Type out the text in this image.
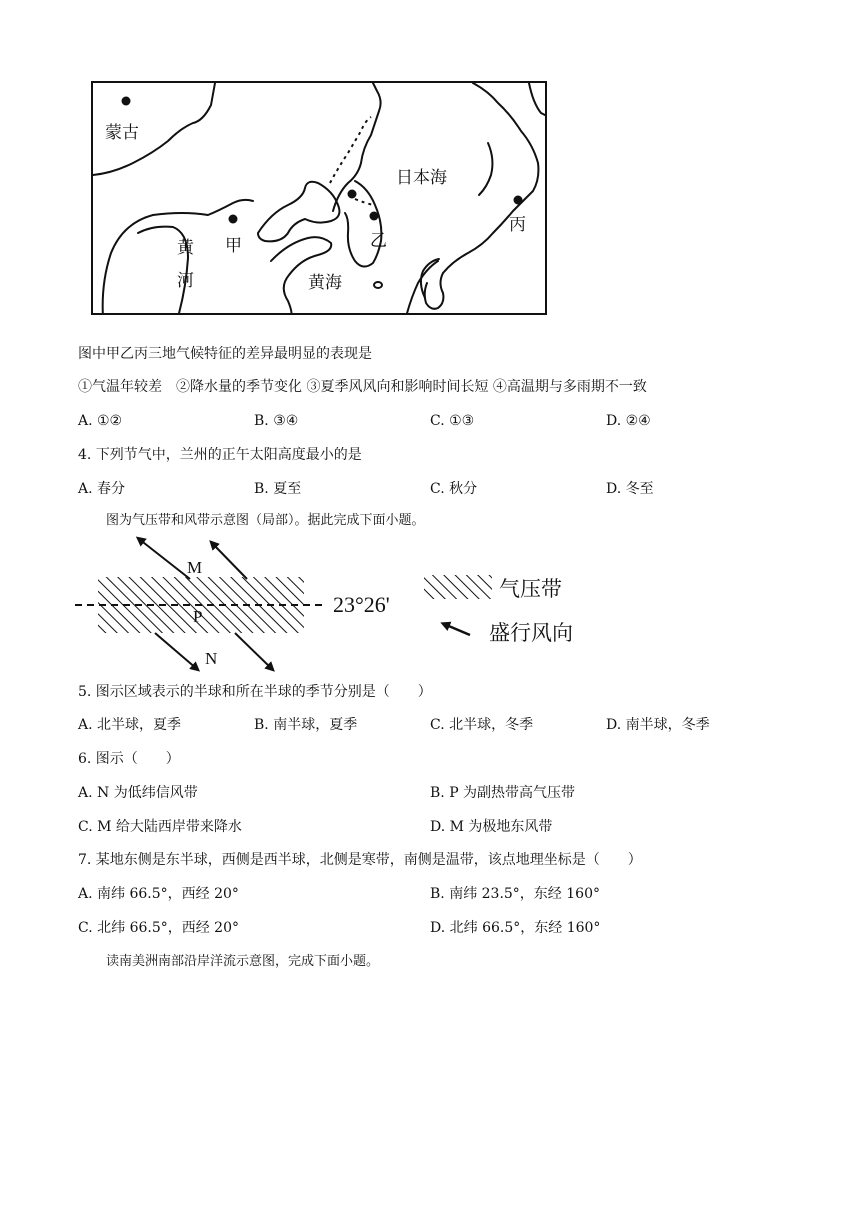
蒙古
日本海
甲	乙
丙
黄
河	黄海
图中甲乙丙三地气候特征的差异最明显的表现是
①气温年较差　②降水量的季节变化 ③夏季风风向和影响时间长短 ④高温期与多雨期不一致
A. ①②	B. ③④	C. ①③	D. ②④
4. 下列节气中，兰州的正午太阳高度最小的是
A. 春分	B. 夏至	C. 秋分	D. 冬至
图为气压带和风带示意图（局部）。据此完成下面小题。
M
P
N
23°26'
气压带
盛行风向
5. 图示区域表示的半球和所在半球的季节分别是（　　）
A. 北半球，夏季	B. 南半球，夏季	C. 北半球，冬季	D. 南半球，冬季
6. 图示（　　）
A. N 为低纬信风带	B. P 为副热带高气压带
C. M 给大陆西岸带来降水	D. M 为极地东风带
7. 某地东侧是东半球，西侧是西半球，北侧是寒带，南侧是温带，该点地理坐标是（　　）
A. 南纬 66.5°，西经 20°	B. 南纬 23.5°，东经 160°
C. 北纬 66.5°，西经 20°	D. 北纬 66.5°，东经 160°
读南美洲南部沿岸洋流示意图，完成下面小题。
